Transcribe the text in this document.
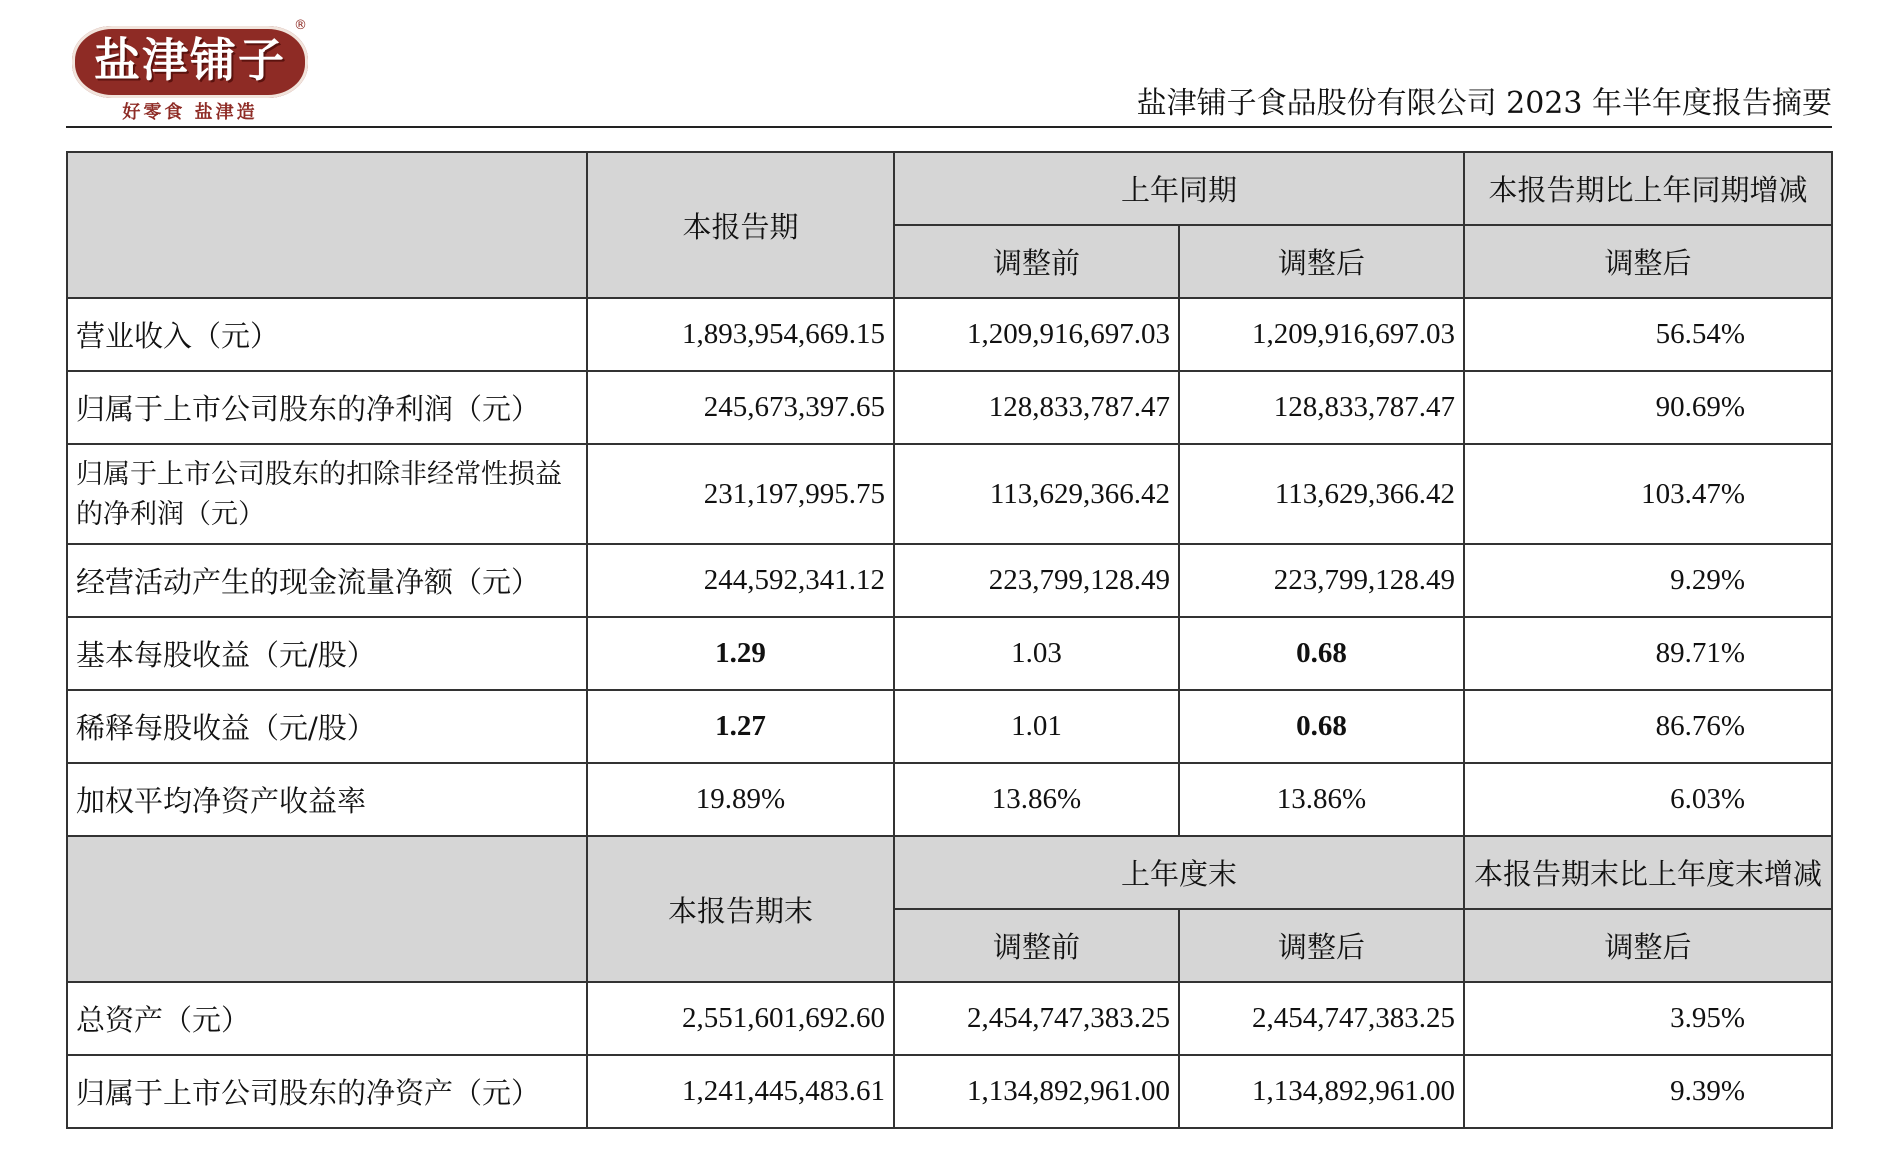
盐津铺子
®
好零食 盐津造	盐津铺子食品股份有限公司 2023 年半年度报告摘要
	本报告期	上年同期		本报告期比上年同期增减
		调整前	调整后	调整后
营业收入（元）	1,893,954,669.15	1,209,916,697.03	1,209,916,697.03	56.54%
归属于上市公司股东的净利润（元）	245,673,397.65	128,833,787.47	128,833,787.47	90.69%
归属于上市公司股东的扣除非经常性损益的净利润（元）	231,197,995.75	113,629,366.42	113,629,366.42	103.47%
经营活动产生的现金流量净额（元）	244,592,341.12	223,799,128.49	223,799,128.49	9.29%
基本每股收益（元/股）	1.29	1.03	0.68	89.71%
稀释每股收益（元/股）	1.27	1.01	0.68	86.76%
加权平均净资产收益率	19.89%	13.86%	13.86%	6.03%
	本报告期末	上年度末		本报告期末比上年度末增减
		调整前	调整后	调整后
总资产（元）	2,551,601,692.60	2,454,747,383.25	2,454,747,383.25	3.95%
归属于上市公司股东的净资产（元）	1,241,445,483.61	1,134,892,961.00	1,134,892,961.00	9.39%
